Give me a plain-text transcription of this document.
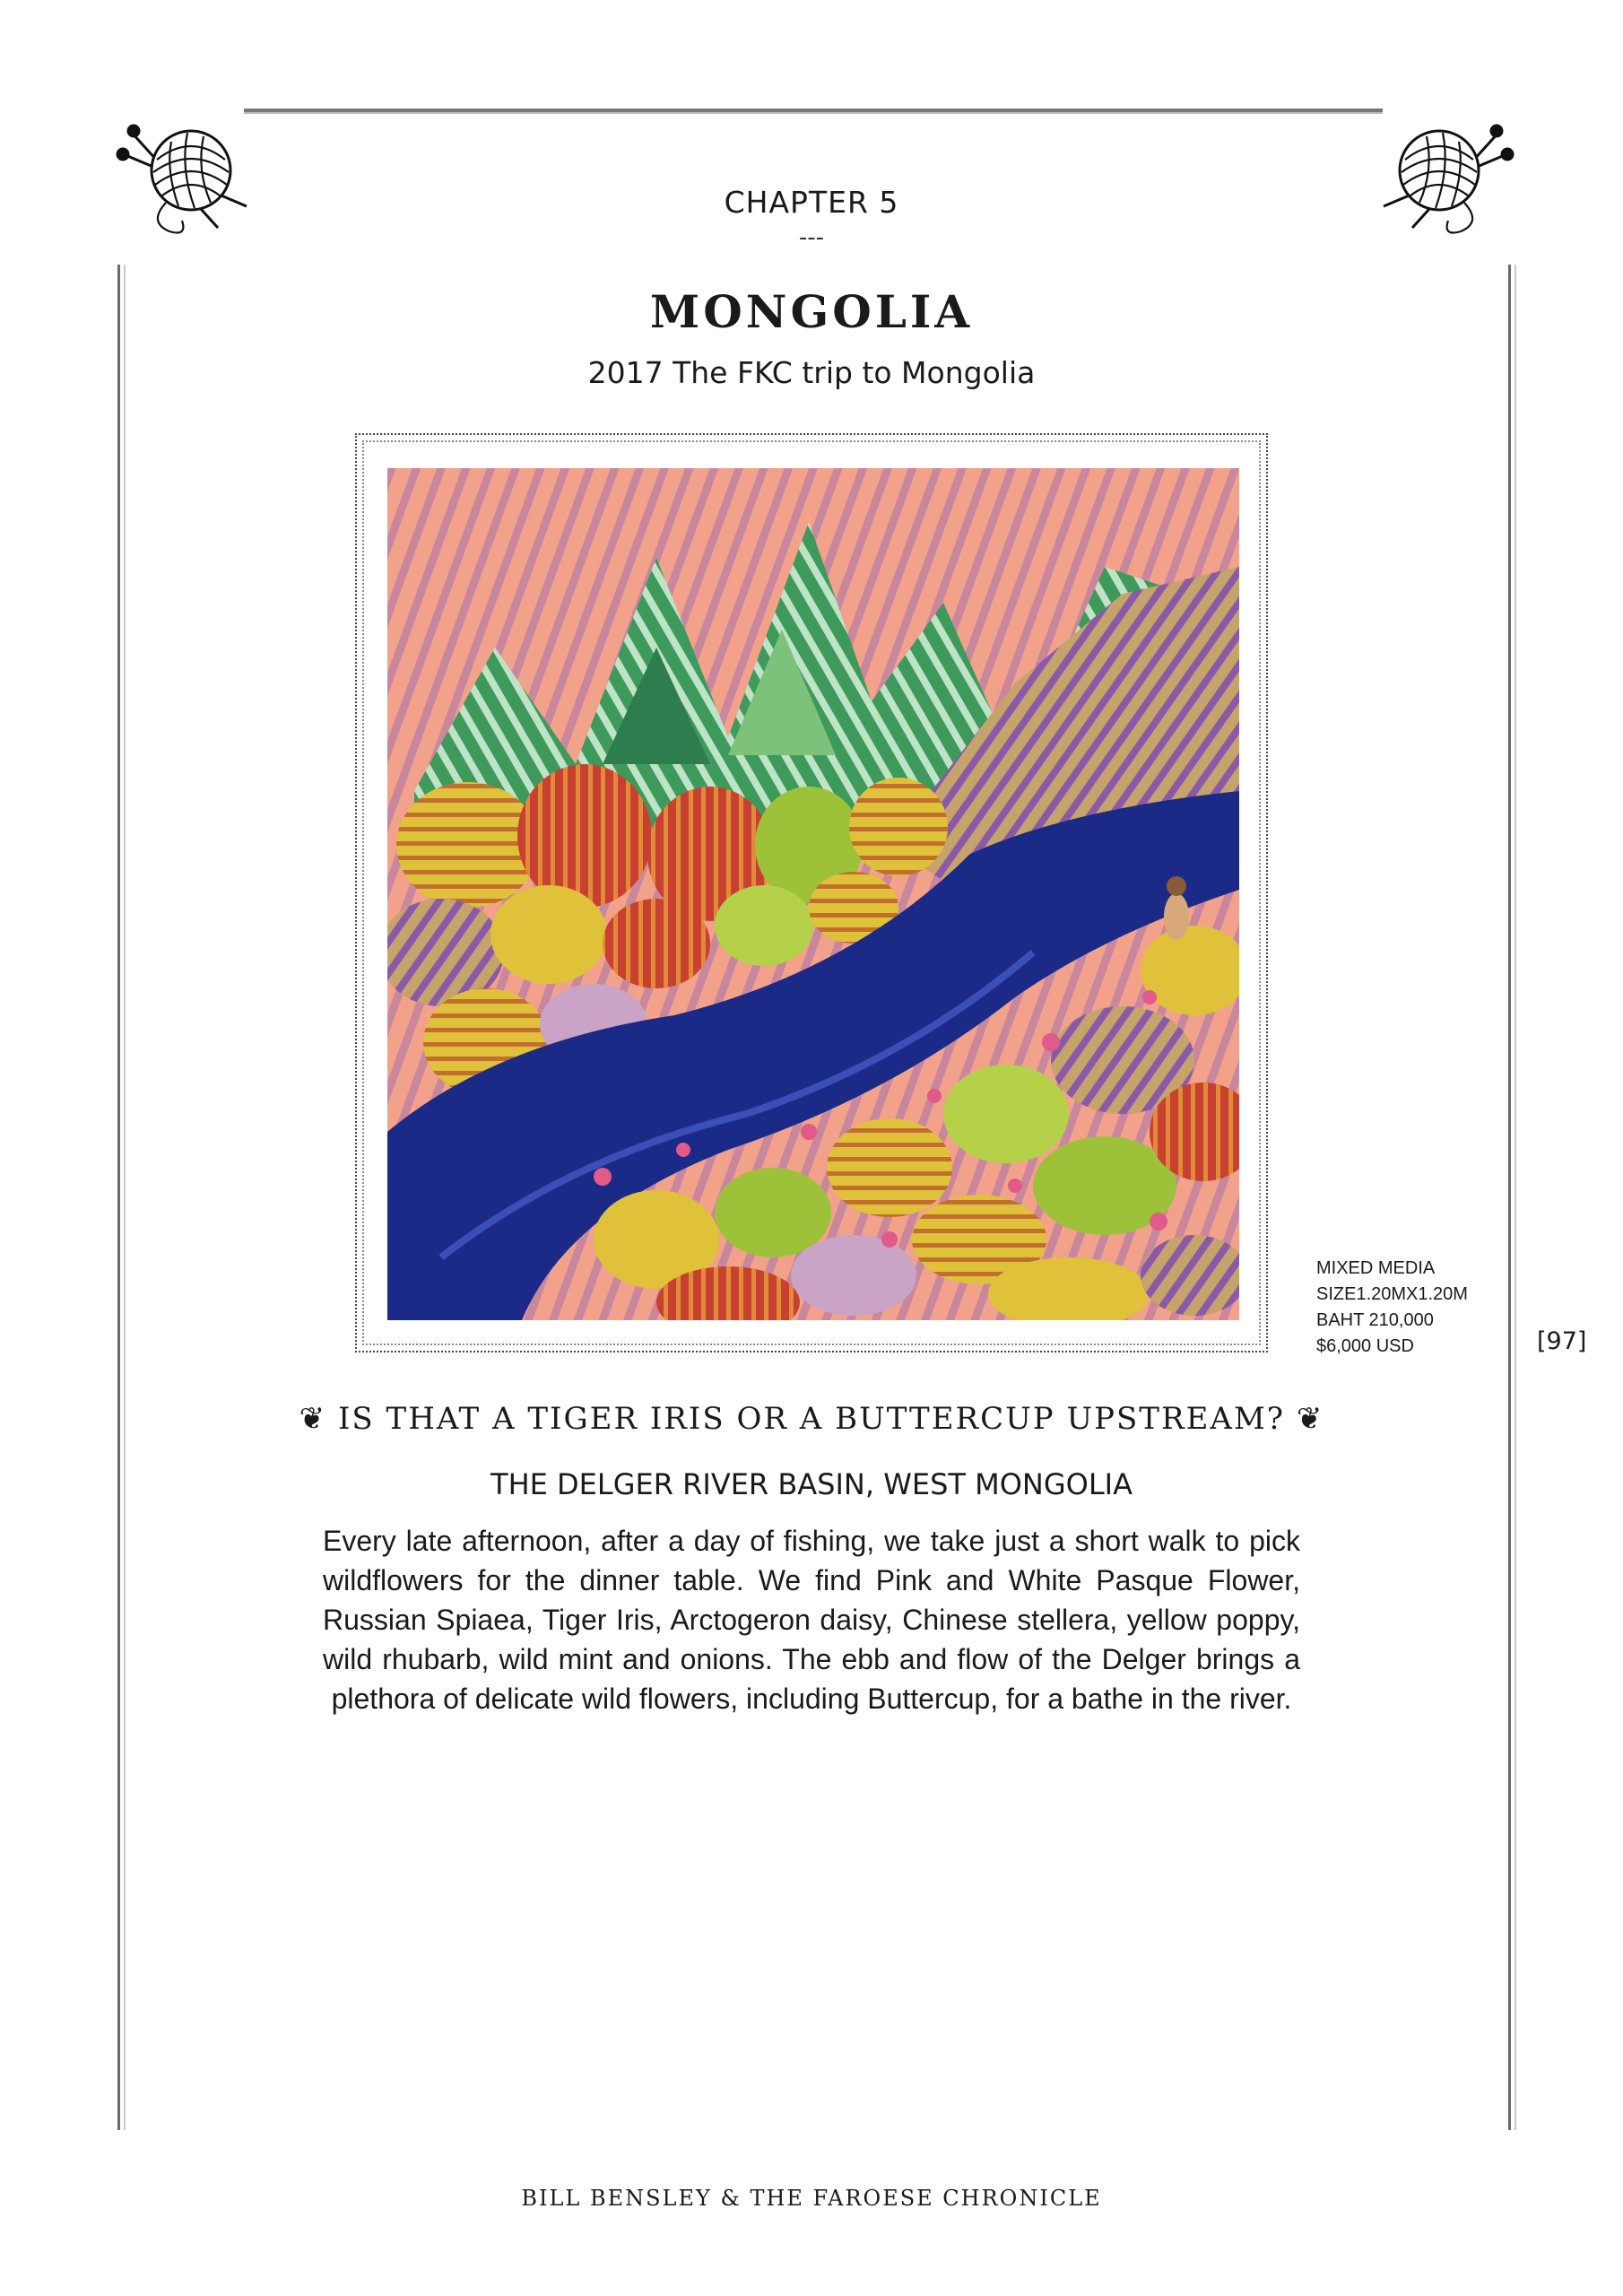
CHAPTER 5
---
MONGOLIA
2017 The FKC trip to Mongolia
BENSLEY
MIXED MEDIA
SIZE1.20MX1.20M
BAHT 210,000
$6,000 USD	[97]
❦ IS THAT A TIGER IRIS OR A BUTTERCUP UPSTREAM? ❦
THE DELGER RIVER BASIN, WEST MONGOLIA
Every late afternoon, after a day of fishing, we take just a short walk to pick wildflowers for the dinner table. We find Pink and White Pasque Flower, Russian Spiaea, Tiger Iris, Arctogeron daisy, Chinese stellera, yellow poppy, wild rhubarb, wild mint and onions. The ebb and flow of the Delger brings a plethora of delicate wild flowers, including Buttercup, for a bathe in the river.
BILL BENSLEY & THE FAROESE CHRONICLE
